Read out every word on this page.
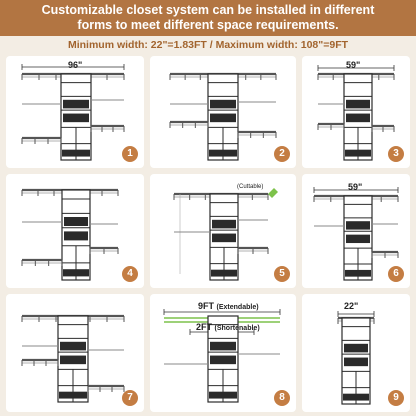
Customizable closet system can be installed in different
forms to meet different space requirements.
Minimum width: 22"=1.83FT / Maximum width: 108"=9FT
96"
1	2
59"
3
4
(Cuttable)
5
59"
6
7
9FT (Extendable)
2FT (Shortenable)
8
22"
9
